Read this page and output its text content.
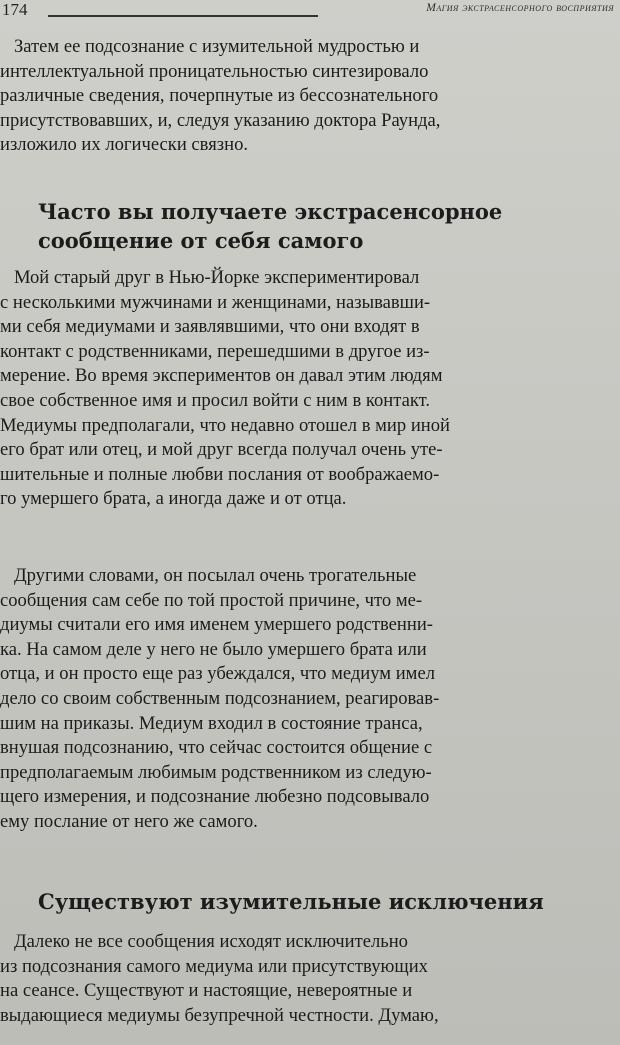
174	Магия экстрасенсорного восприятия
Затем ее подсознание с изумительной мудростью и
интеллектуальной проницательностью синтезировало
различные сведения, почерпнутые из бессознательного
присутствовавших, и, следуя указанию доктора Раунда,
изложило их логически связно.
Часто вы получаете экстрасенсорное
сообщение от себя самого
Мой старый друг в Нью-Йорке экспериментировал
с несколькими мужчинами и женщинами, называвши-
ми себя медиумами и заявлявшими, что они входят в
контакт с родственниками, перешедшими в другое из-
мерение. Во время экспериментов он давал этим людям
свое собственное имя и просил войти с ним в контакт.
Медиумы предполагали, что недавно отошел в мир иной
его брат или отец, и мой друг всегда получал очень уте-
шительные и полные любви послания от воображаемо-
го умершего брата, а иногда даже и от отца.
Другими словами, он посылал очень трогательные
сообщения сам себе по той простой причине, что ме-
диумы считали его имя именем умершего родственни-
ка. На самом деле у него не было умершего брата или
отца, и он просто еще раз убеждался, что медиум имел
дело со своим собственным подсознанием, реагировав-
шим на приказы. Медиум входил в состояние транса,
внушая подсознанию, что сейчас состоится общение с
предполагаемым любимым родственником из следую-
щего измерения, и подсознание любезно подсовывало
ему послание от него же самого.
Существуют изумительные исключения
Далеко не все сообщения исходят исключительно
из подсознания самого медиума или присутствующих
на сеансе. Существуют и настоящие, невероятные и
выдающиеся медиумы безупречной честности. Думаю,
